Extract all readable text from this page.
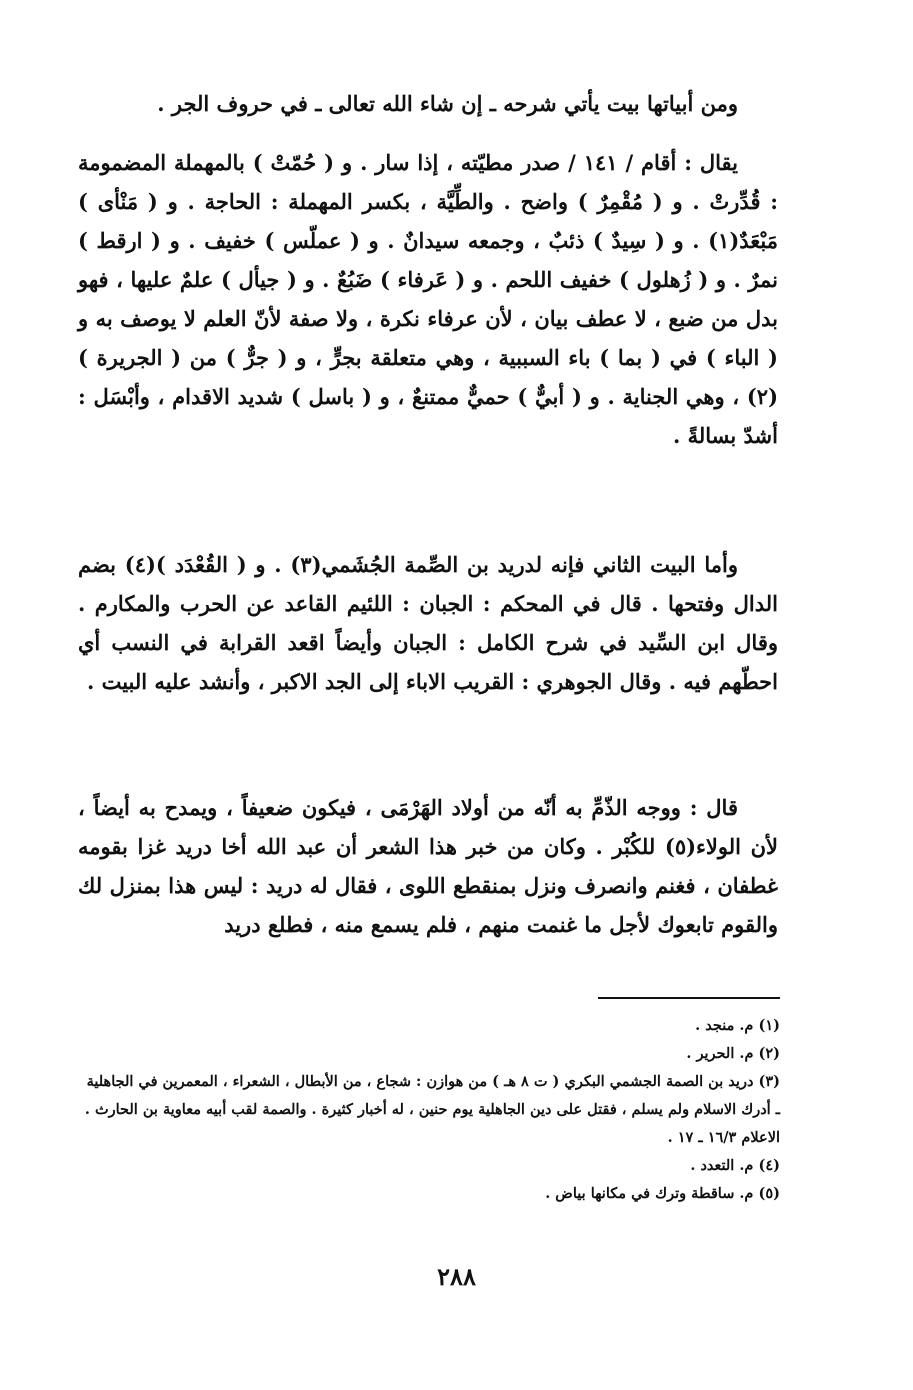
ومن أبياتها بيت يأتي شرحه ـ إن شاء الله تعالى ـ في حروف الجر .

يقال : أقام / ١٤١ / صدر مطيّته ، إذا سار . و ( حُمّتْ ) بالمهملة المضمومة : قُدِّرتْ . و ( مُقْمِرٌ ) واضح . والطِّيَّة ، بكسر المهملة : الحاجة . و ( مَنْأى ) مَبْعَدٌ(١) . و ( سِيدٌ ) ذئبٌ ، وجمعه سيدانٌ . و ( عملّس ) خفيف . و ( ارقط ) نمرٌ . و ( زُهلول ) خفيف اللحم . و ( عَرفاء ) ضَبُعٌ . و ( جيأل ) علمٌ عليها ، فهو بدل من ضبع ، لا عطف بيان ، لأن عرفاء نكرة ، ولا صفة لأنّ العلم لا يوصف به و ( الباء ) في ( بما ) باء السببية ، وهي متعلقة بجرٍّ ، و ( جرٌّ ) من ( الجريرة )(٢) ، وهي الجناية . و ( أبيٌّ ) حميٌّ ممتنعٌ ، و ( باسل ) شديد الاقدام ، وأبْسَل : أشدّ بسالةً .

وأما البيت الثاني فإنه لدريد بن الصِّمة الجُشَمي(٣) . و ( القُعْدَد )(٤) بضم الدال وفتحها . قال في المحكم : الجبان : اللئيم القاعد عن الحرب والمكارم . وقال ابن السِّيد في شرح الكامل : الجبان وأيضاً اقعد القرابة في النسب أي احطّهم فيه . وقال الجوهري : القريب الاباء إلى الجد الاكبر ، وأنشد عليه البيت .

قال : ووجه الذّمِّ به أنّه من أولاد الهَرْمَى ، فيكون ضعيفاً ، ويمدح به أيضاً ، لأن الولاء(٥) للكُبْر . وكان من خبر هذا الشعر أن عبد الله أخا دريد غزا بقومه غطفان ، فغنم وانصرف ونزل بمنقطع اللوى ، فقال له دريد : ليس هذا بمنزل لك والقوم تابعوك لأجل ما غنمت منهم ، فلم يسمع منه ، فطلع دريد

(١) م. منجد .

(٢) م. الحرير .

(٣) دريد بن الصمة الجشمي البكري ( ت ٨ هـ ) من هوازن : شجاع ، من الأبطال ، الشعراء ، المعمرين في الجاهلية ـ أدرك الاسلام ولم يسلم ، فقتل على دين الجاهلية يوم حنين ، له أخبار كثيرة . والصمة لقب أبيه معاوية بن الحارث . الاعلام ١٦/٣ ـ ١٧ .

(٤) م. التعدد .

(٥) م. ساقطة وترك في مكانها بياض .

٢٨٨
